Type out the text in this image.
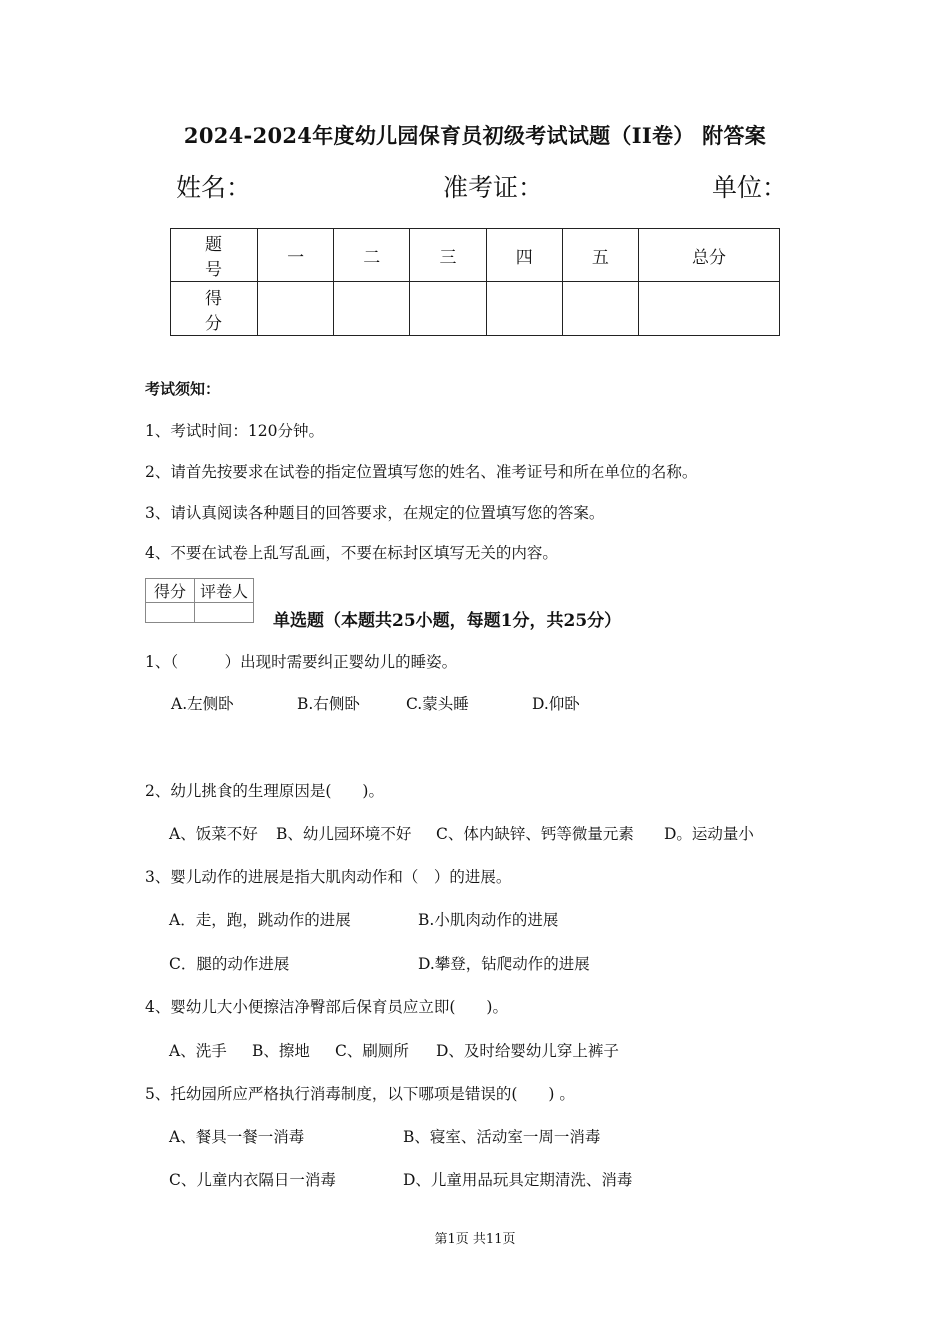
2024-2024年度幼儿园保育员初级考试试题（II卷） 附答案
姓名：	准考证：	单位：
题 号	一	二	三	四	五	总分
得 分						
考试须知：
1、考试时间：120分钟。
2、请首先按要求在试卷的指定位置填写您的姓名、准考证号和所在单位的名称。
3、请认真阅读各种题目的回答要求，在规定的位置填写您的答案。
4、不要在试卷上乱写乱画，不要在标封区填写无关的内容。
得分	评卷人

单选题（本题共25小题，每题1分，共25分）
1、（　　　）出现时需要纠正婴幼儿的睡姿。
A.左侧卧	B.右侧卧	C.蒙头睡	D.仰卧
2、幼儿挑食的生理原因是(　　)。
A、饭菜不好 B、幼儿园环境不好 C、体内缺锌、钙等微量元素 D。运动量小
3、婴儿动作的进展是指大肌肉动作和（　）的进展。
A．走，跑，跳动作的进展	B.小肌肉动作的进展
C．腿的动作进展	D.攀登，钻爬动作的进展
4、婴幼儿大小便擦洁净臀部后保育员应立即(　　)。
A、洗手 B、擦地 C、刷厕所 D、及时给婴幼儿穿上裤子
5、托幼园所应严格执行消毒制度，以下哪项是错误的(　　) 。
A、餐具一餐一消毒	B、寝室、活动室一周一消毒
C、儿童内衣隔日一消毒	D、儿童用品玩具定期清洗、消毒
第1页 共11页
